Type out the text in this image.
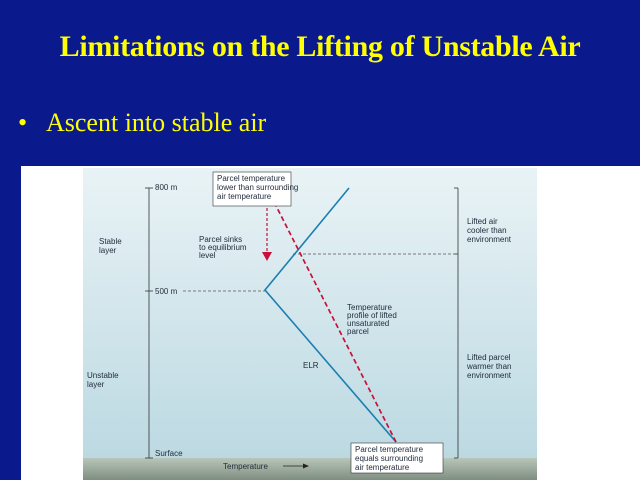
Limitations on the Lifting of Unstable Air
• Ascent into stable air
800 m
500 m
Surface
Stable layer
Unstable layer
Parcel temperature lower than surrounding air temperature
Parcel sinks to equilibrium level
Temperature profile of lifted unsaturated parcel
ELR
Lifted air cooler than environment
Lifted parcel warmer than environment
Parcel temperature equals surrounding air temperature
Temperature
